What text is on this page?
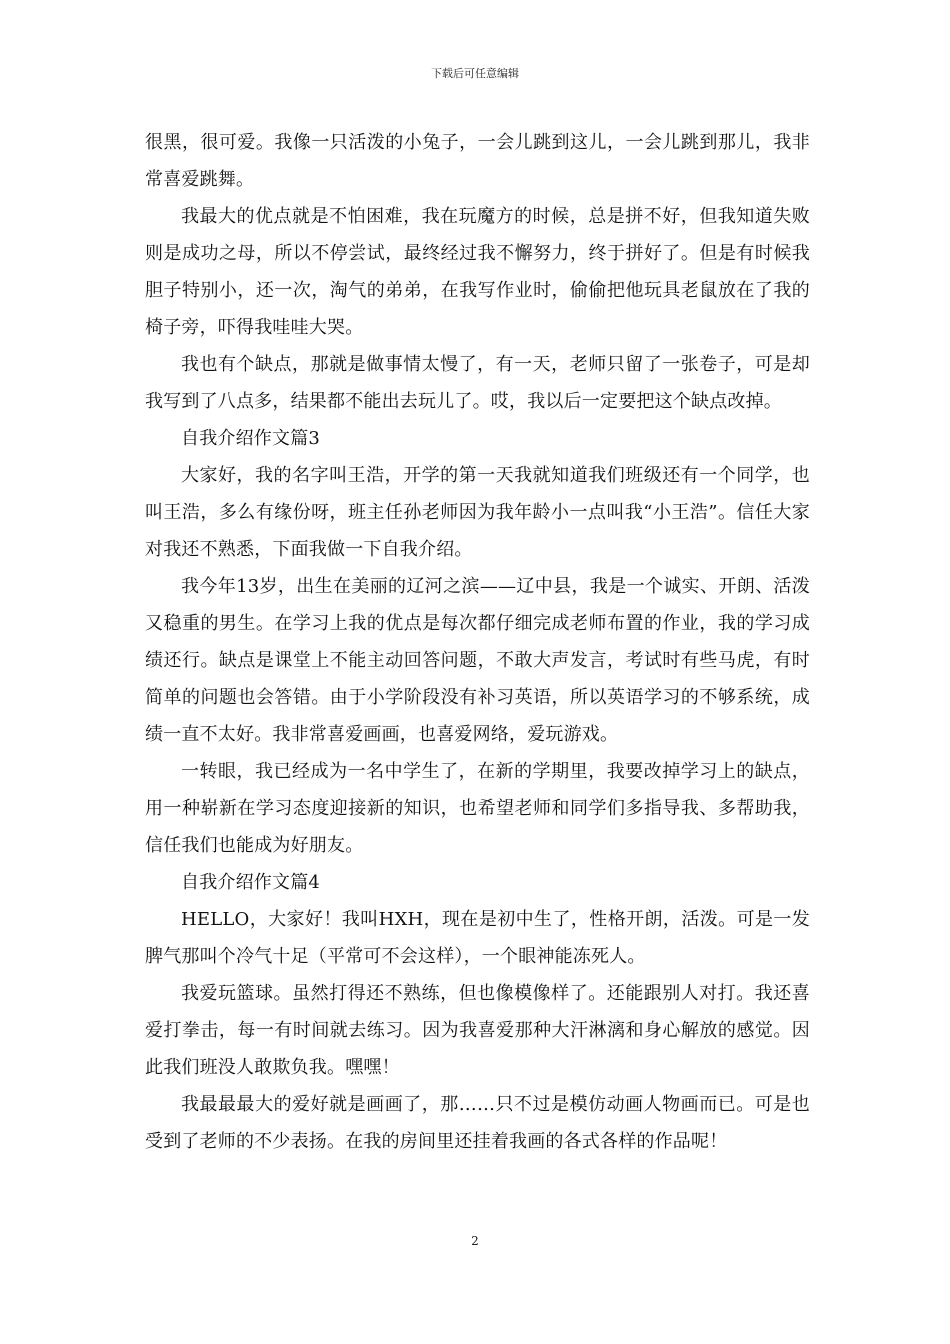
下载后可任意编辑

很黑，很可爱。我像一只活泼的小兔子，一会儿跳到这儿，一会儿跳到那儿，我非常喜爱跳舞。

我最大的优点就是不怕困难，我在玩魔方的时候，总是拼不好，但我知道失败则是成功之母，所以不停尝试，最终经过我不懈努力，终于拼好了。但是有时候我胆子特别小，还一次，淘气的弟弟，在我写作业时，偷偷把他玩具老鼠放在了我的椅子旁，吓得我哇哇大哭。

我也有个缺点，那就是做事情太慢了，有一天，老师只留了一张卷子，可是却我写到了八点多，结果都不能出去玩儿了。哎，我以后一定要把这个缺点改掉。

自我介绍作文篇3

大家好，我的名字叫王浩，开学的第一天我就知道我们班级还有一个同学，也叫王浩，多么有缘份呀，班主任孙老师因为我年龄小一点叫我“小王浩”。信任大家对我还不熟悉，下面我做一下自我介绍。

我今年13岁，出生在美丽的辽河之滨——辽中县，我是一个诚实、开朗、活泼又稳重的男生。在学习上我的优点是每次都仔细完成老师布置的作业，我的学习成绩还行。缺点是课堂上不能主动回答问题，不敢大声发言，考试时有些马虎，有时简单的问题也会答错。由于小学阶段没有补习英语，所以英语学习的不够系统，成绩一直不太好。我非常喜爱画画，也喜爱网络，爱玩游戏。

一转眼，我已经成为一名中学生了，在新的学期里，我要改掉学习上的缺点，用一种崭新在学习态度迎接新的知识，也希望老师和同学们多指导我、多帮助我，信任我们也能成为好朋友。

自我介绍作文篇4

HELLO，大家好！我叫HXH，现在是初中生了，性格开朗，活泼。可是一发脾气那叫个冷气十足（平常可不会这样），一个眼神能冻死人。

我爱玩篮球。虽然打得还不熟练，但也像模像样了。还能跟别人对打。我还喜爱打拳击，每一有时间就去练习。因为我喜爱那种大汗淋漓和身心解放的感觉。因此我们班没人敢欺负我。嘿嘿！

我最最最大的爱好就是画画了，那……只不过是模仿动画人物画而已。可是也受到了老师的不少表扬。在我的房间里还挂着我画的各式各样的作品呢！

2
